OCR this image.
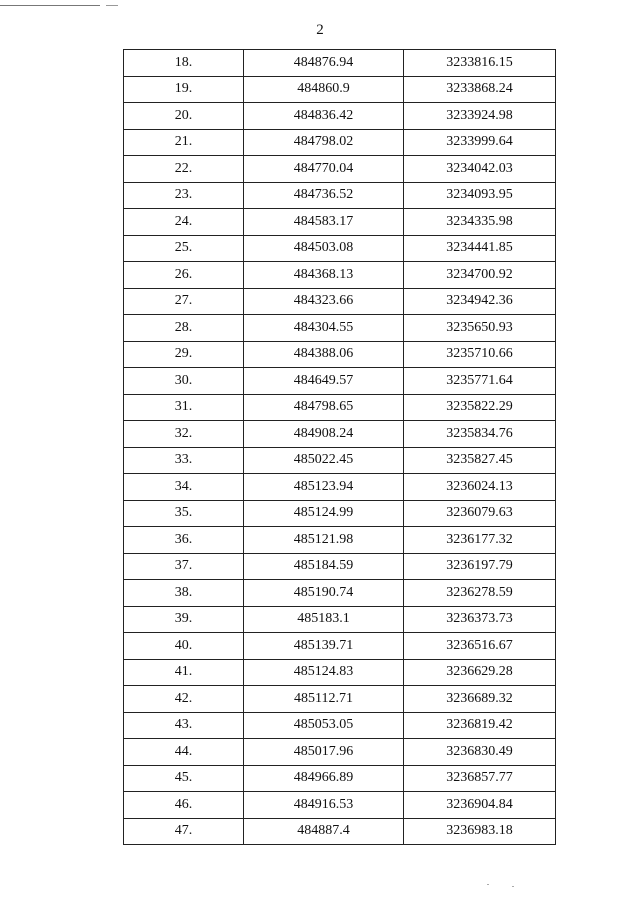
2
18.	484876.94	3233816.15
19.	484860.9	3233868.24
20.	484836.42	3233924.98
21.	484798.02	3233999.64
22.	484770.04	3234042.03
23.	484736.52	3234093.95
24.	484583.17	3234335.98
25.	484503.08	3234441.85
26.	484368.13	3234700.92
27.	484323.66	3234942.36
28.	484304.55	3235650.93
29.	484388.06	3235710.66
30.	484649.57	3235771.64
31.	484798.65	3235822.29
32.	484908.24	3235834.76
33.	485022.45	3235827.45
34.	485123.94	3236024.13
35.	485124.99	3236079.63
36.	485121.98	3236177.32
37.	485184.59	3236197.79
38.	485190.74	3236278.59
39.	485183.1	3236373.73
40.	485139.71	3236516.67
41.	485124.83	3236629.28
42.	485112.71	3236689.32
43.	485053.05	3236819.42
44.	485017.96	3236830.49
45.	484966.89	3236857.77
46.	484916.53	3236904.84
47.	484887.4	3236983.18
